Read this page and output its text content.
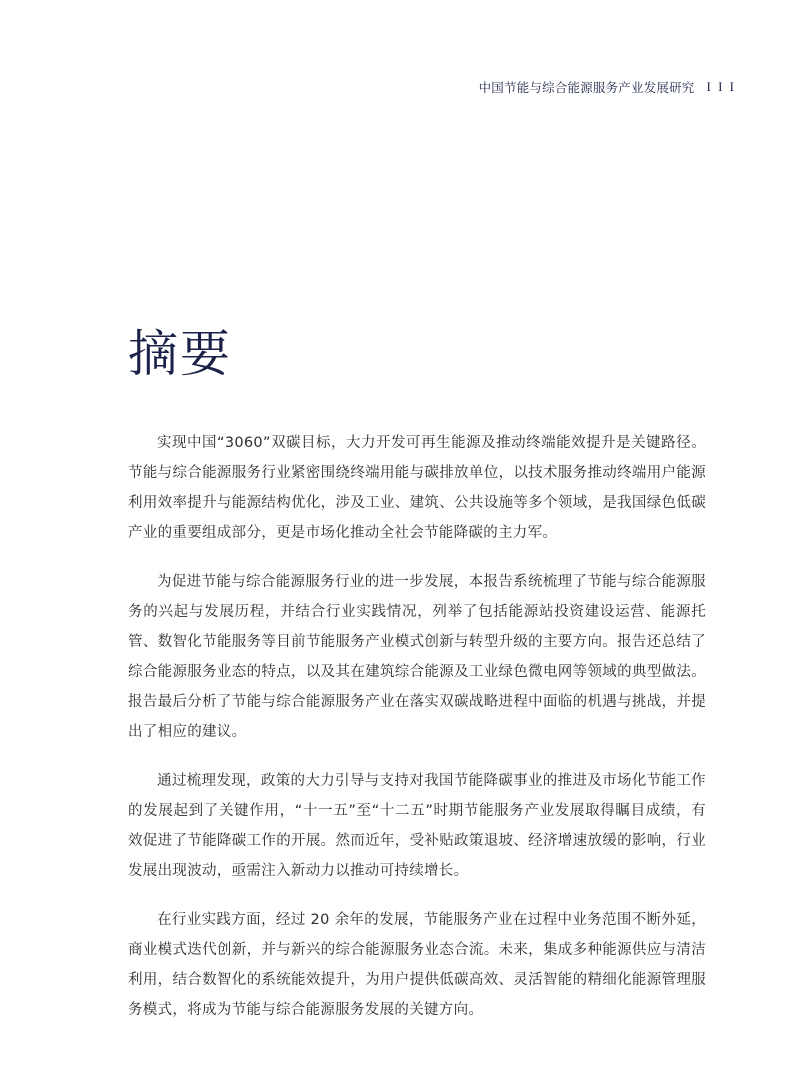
中国节能与综合能源服务产业发展研究 I I I
摘要

实现中国“3060”双碳目标，大力开发可再生能源及推动终端能效提升是关键路径。节能与综合能源服务行业紧密围绕终端用能与碳排放单位，以技术服务推动终端用户能源利用效率提升与能源结构优化，涉及工业、建筑、公共设施等多个领域，是我国绿色低碳产业的重要组成部分，更是市场化推动全社会节能降碳的主力军。

为促进节能与综合能源服务行业的进一步发展，本报告系统梳理了节能与综合能源服务的兴起与发展历程，并结合行业实践情况，列举了包括能源站投资建设运营、能源托管、数智化节能服务等目前节能服务产业模式创新与转型升级的主要方向。报告还总结了综合能源服务业态的特点，以及其在建筑综合能源及工业绿色微电网等领域的典型做法。报告最后分析了节能与综合能源服务产业在落实双碳战略进程中面临的机遇与挑战，并提出了相应的建议。

通过梳理发现，政策的大力引导与支持对我国节能降碳事业的推进及市场化节能工作的发展起到了关键作用，“十一五”至“十二五”时期节能服务产业发展取得瞩目成绩，有效促进了节能降碳工作的开展。然而近年，受补贴政策退坡、经济增速放缓的影响，行业发展出现波动，亟需注入新动力以推动可持续增长。

在行业实践方面，经过 20 余年的发展，节能服务产业在过程中业务范围不断外延，商业模式迭代创新，并与新兴的综合能源服务业态合流。未来，集成多种能源供应与清洁利用，结合数智化的系统能效提升，为用户提供低碳高效、灵活智能的精细化能源管理服务模式，将成为节能与综合能源服务发展的关键方向。
